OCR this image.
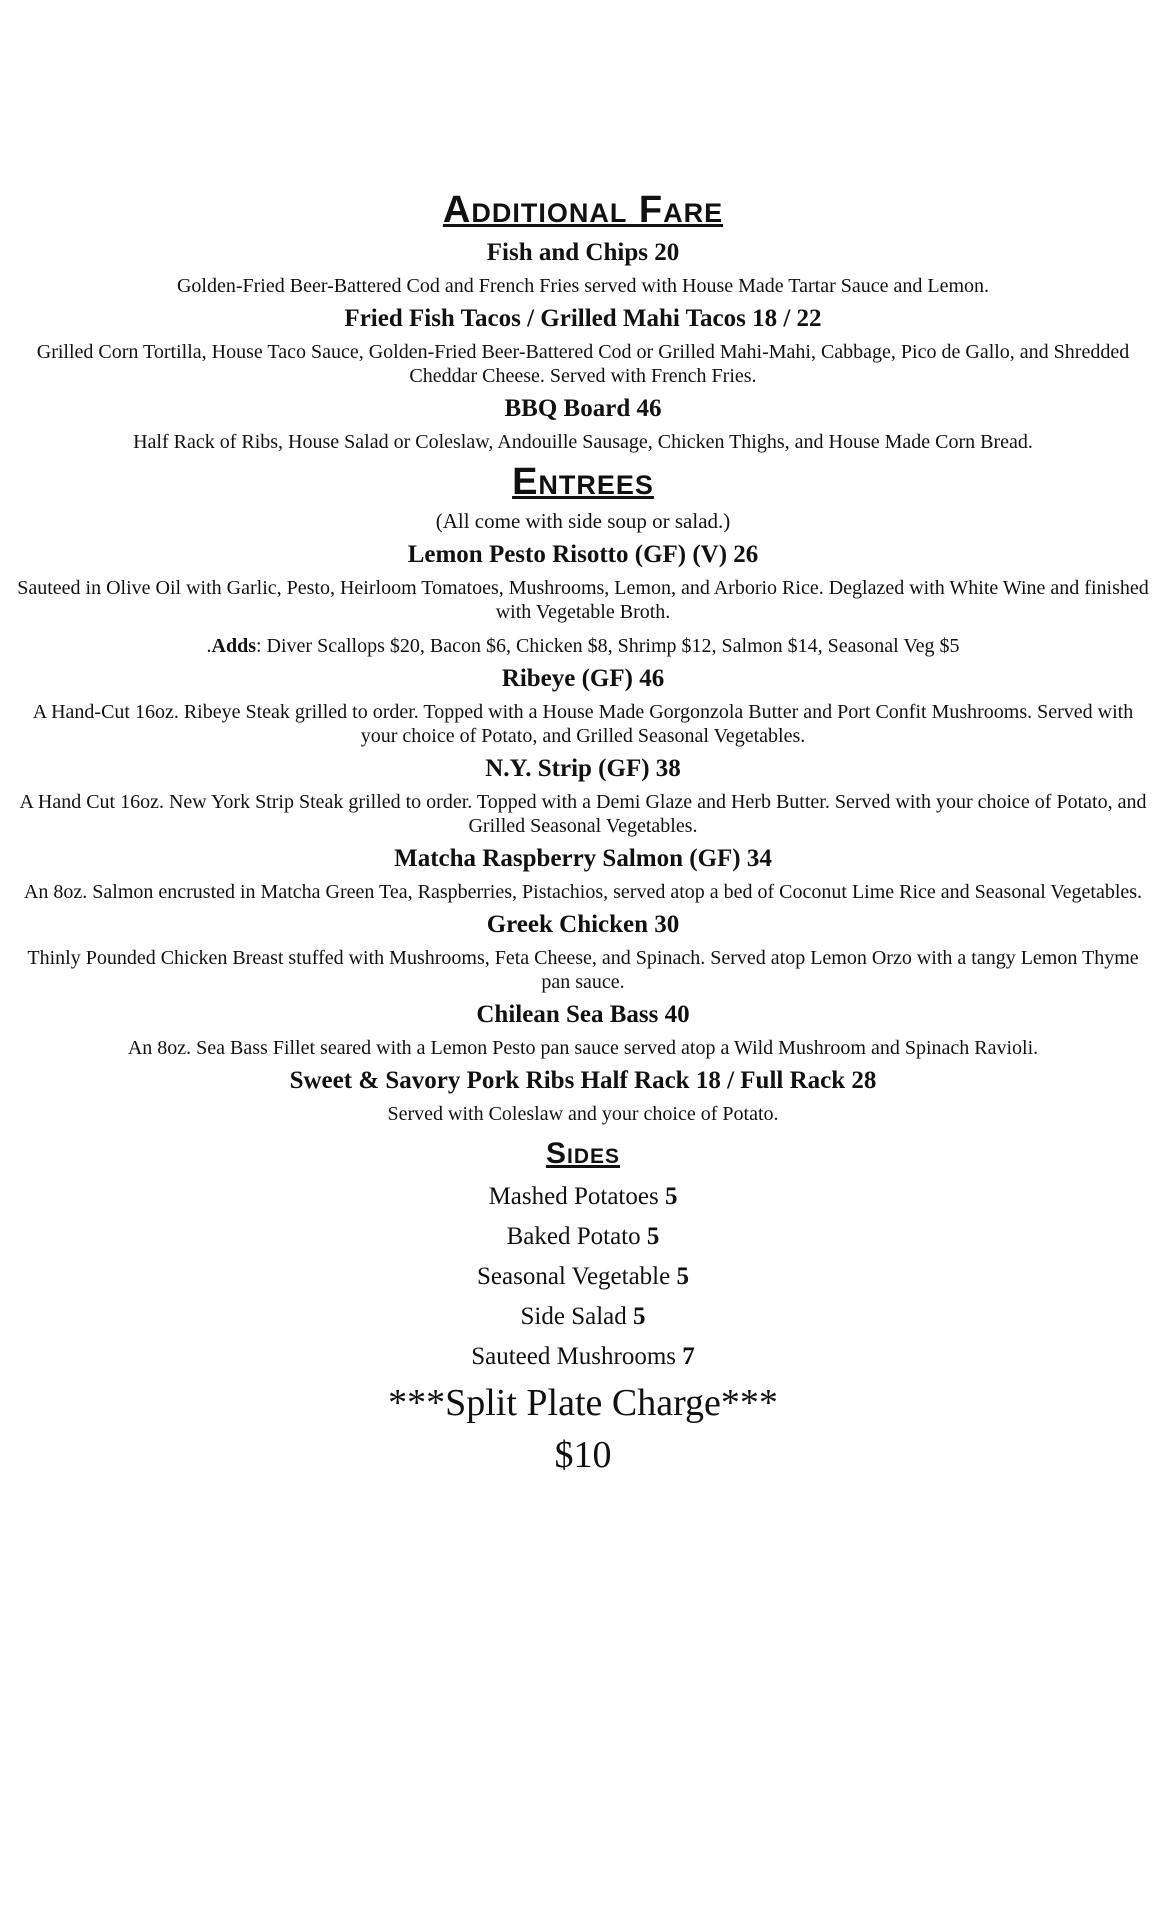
Additional Fare
Fish and Chips 20
Golden-Fried Beer-Battered Cod and French Fries served with House Made Tartar Sauce and Lemon.
Fried Fish Tacos / Grilled Mahi Tacos 18 / 22
Grilled Corn Tortilla, House Taco Sauce, Golden-Fried Beer-Battered Cod or Grilled Mahi-Mahi, Cabbage, Pico de Gallo, and Shredded Cheddar Cheese. Served with French Fries.
BBQ Board 46
Half Rack of Ribs, House Salad or Coleslaw, Andouille Sausage, Chicken Thighs, and House Made Corn Bread.
Entrees
(All come with side soup or salad.)
Lemon Pesto Risotto (GF) (V) 26
Sauteed in Olive Oil with Garlic, Pesto, Heirloom Tomatoes, Mushrooms, Lemon, and Arborio Rice. Deglazed with White Wine and finished with Vegetable Broth.
.Adds: Diver Scallops $20, Bacon $6, Chicken $8, Shrimp $12, Salmon $14, Seasonal Veg $5
Ribeye (GF) 46
A Hand-Cut 16oz. Ribeye Steak grilled to order. Topped with a House Made Gorgonzola Butter and Port Confit Mushrooms. Served with your choice of Potato, and Grilled Seasonal Vegetables.
N.Y. Strip (GF) 38
A Hand Cut 16oz. New York Strip Steak grilled to order. Topped with a Demi Glaze and Herb Butter. Served with your choice of Potato, and Grilled Seasonal Vegetables.
Matcha Raspberry Salmon (GF) 34
An 8oz. Salmon encrusted in Matcha Green Tea, Raspberries, Pistachios, served atop a bed of Coconut Lime Rice and Seasonal Vegetables.
Greek Chicken 30
Thinly Pounded Chicken Breast stuffed with Mushrooms, Feta Cheese, and Spinach. Served atop Lemon Orzo with a tangy Lemon Thyme pan sauce.
Chilean Sea Bass 40
An 8oz. Sea Bass Fillet seared with a Lemon Pesto pan sauce served atop a Wild Mushroom and Spinach Ravioli.
Sweet & Savory Pork Ribs Half Rack 18 / Full Rack 28
Served with Coleslaw and your choice of Potato.
Sides
Mashed Potatoes 5
Baked Potato 5
Seasonal Vegetable 5
Side Salad 5
Sauteed Mushrooms 7
***Split Plate Charge***
$10
